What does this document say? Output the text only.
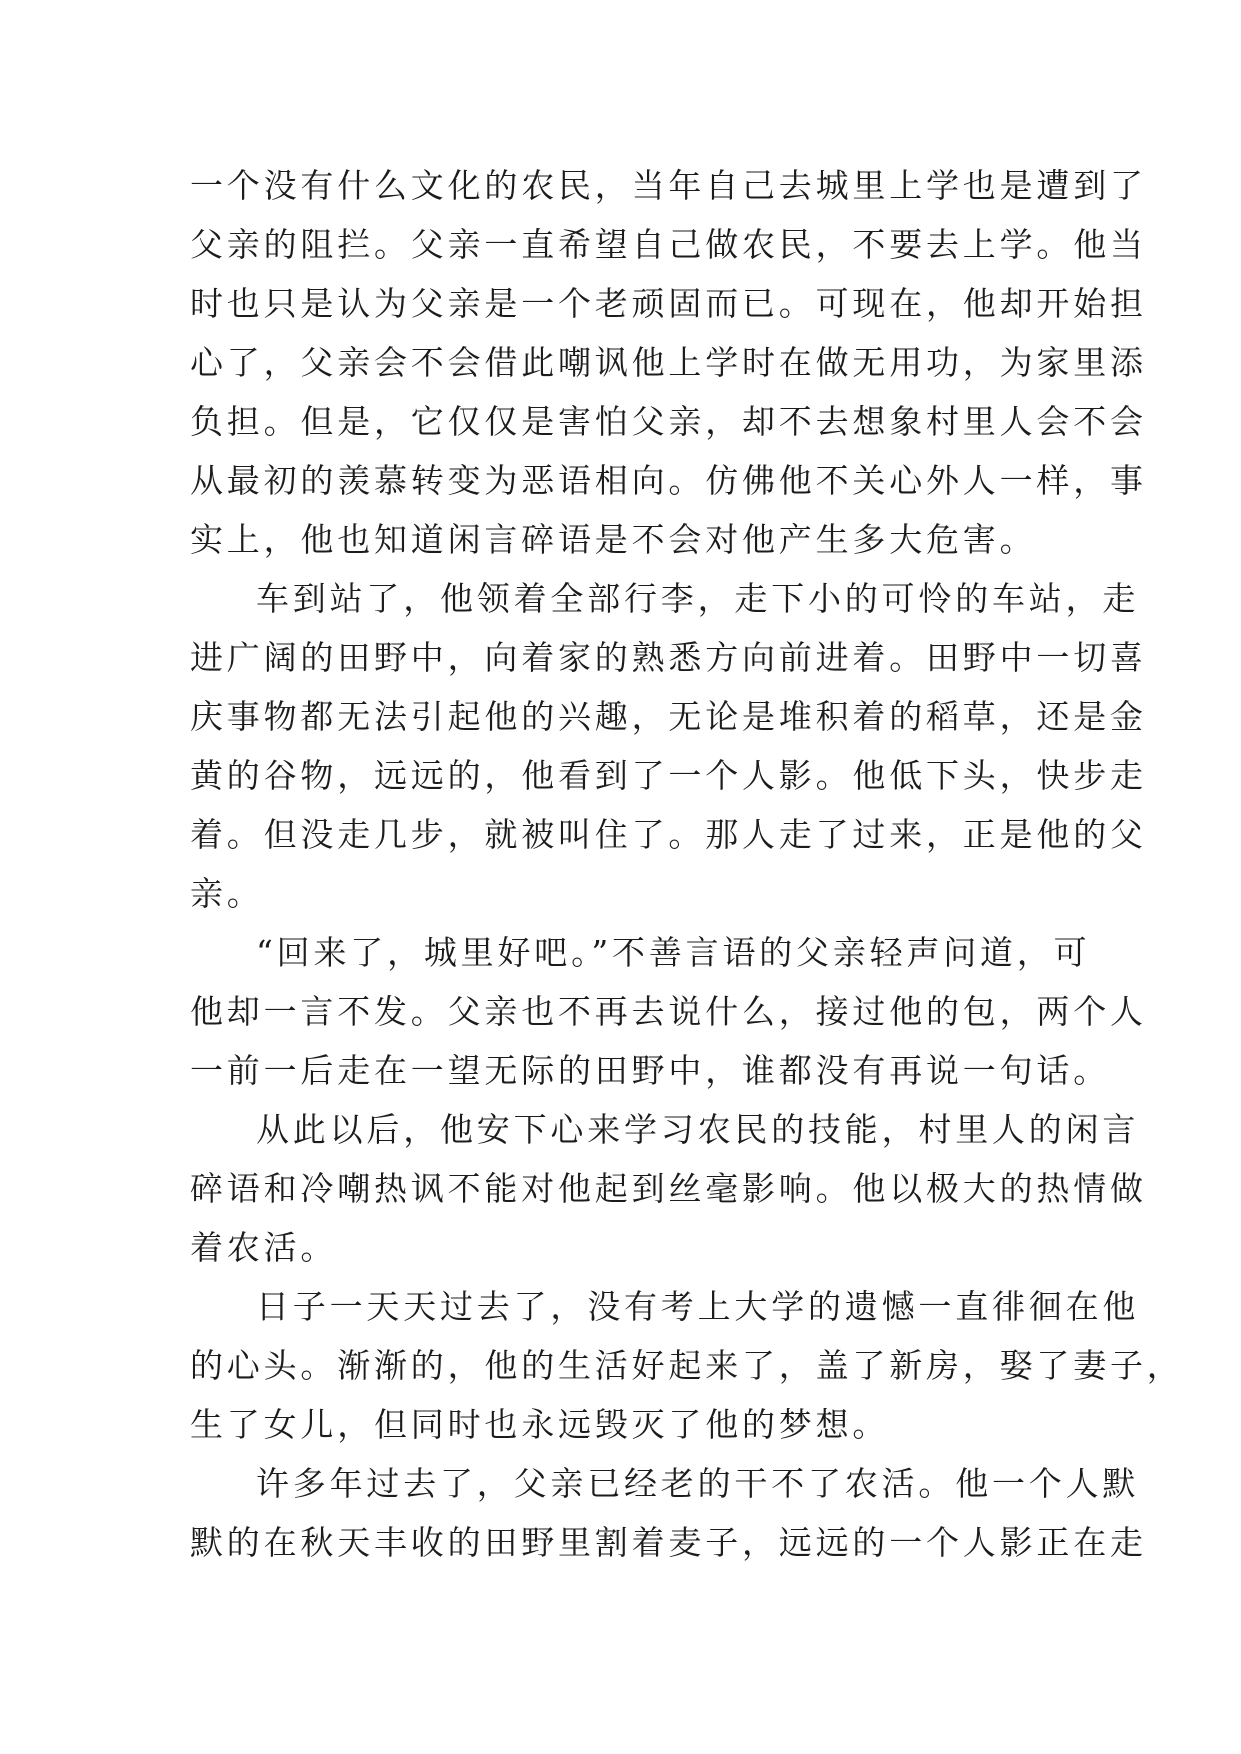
一个没有什么文化的农民，当年自己去城里上学也是遭到了
父亲的阻拦。父亲一直希望自己做农民，不要去上学。他当
时也只是认为父亲是一个老顽固而已。可现在，他却开始担
心了，父亲会不会借此嘲讽他上学时在做无用功，为家里添
负担。但是，它仅仅是害怕父亲，却不去想象村里人会不会
从最初的羡慕转变为恶语相向。仿佛他不关心外人一样，事
实上，他也知道闲言碎语是不会对他产生多大危害。
车到站了，他领着全部行李，走下小的可怜的车站，走
进广阔的田野中，向着家的熟悉方向前进着。田野中一切喜
庆事物都无法引起他的兴趣，无论是堆积着的稻草，还是金
黄的谷物，远远的，他看到了一个人影。他低下头，快步走
着。但没走几步，就被叫住了。那人走了过来，正是他的父
亲。
“回来了，城里好吧。”不善言语的父亲轻声问道，可
他却一言不发。父亲也不再去说什么，接过他的包，两个人
一前一后走在一望无际的田野中，谁都没有再说一句话。
从此以后，他安下心来学习农民的技能，村里人的闲言
碎语和冷嘲热讽不能对他起到丝毫影响。他以极大的热情做
着农活。
日子一天天过去了，没有考上大学的遗憾一直徘徊在他
的心头。渐渐的，他的生活好起来了，盖了新房，娶了妻子，
生了女儿，但同时也永远毁灭了他的梦想。
许多年过去了，父亲已经老的干不了农活。他一个人默
默的在秋天丰收的田野里割着麦子，远远的一个人影正在走
